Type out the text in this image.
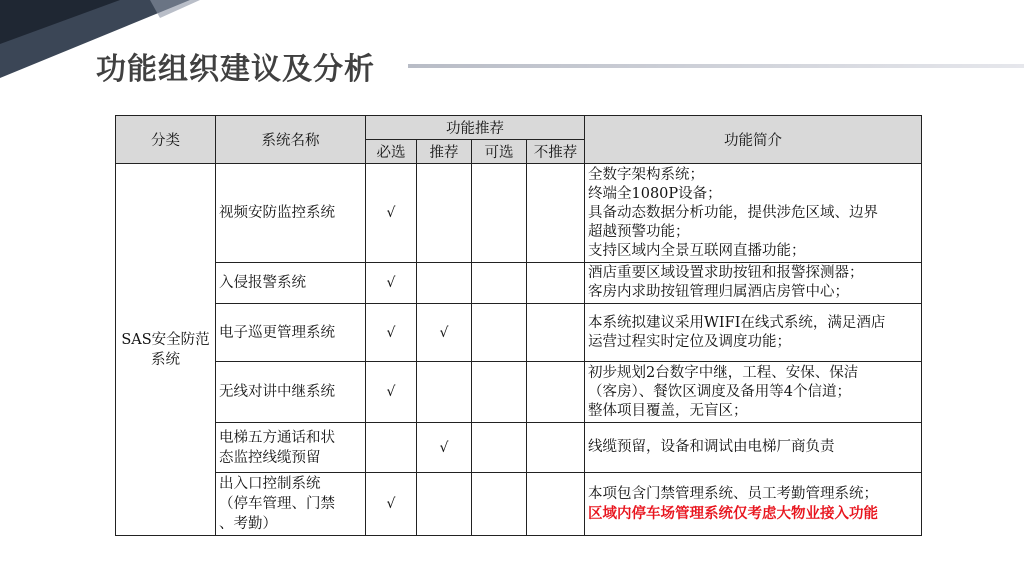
功能组织建议及分析
分类	系统名称	功能推荐				功能简介
		必选	推荐	可选	不推荐	

SAS安全防范
系统	视频安防监控系统	√				全数字架构系统；
终端全1080P设备；
具备动态数据分析功能，提供涉危区域、边界
超越预警功能；
支持区域内全景互联网直播功能；

	入侵报警系统	√				酒店重要区域设置求助按钮和报警探测器；
客房内求助按钮管理归属酒店房管中心；

	电子巡更管理系统	√	√			本系统拟建议采用WIFI在线式系统，满足酒店
运营过程实时定位及调度功能；

	无线对讲中继系统	√				初步规划2台数字中继，工程、安保、保洁
（客房）、餐饮区调度及备用等4个信道；
整体项目覆盖，无盲区；

	电梯五方通话和状
态监控线缆预留		√			线缆预留，设备和调试由电梯厂商负责

	出入口控制系统
（停车管理、门禁
、考勤）	√				本项包含门禁管理系统、员工考勤管理系统；
区域内停车场管理系统仅考虑大物业接入功能
